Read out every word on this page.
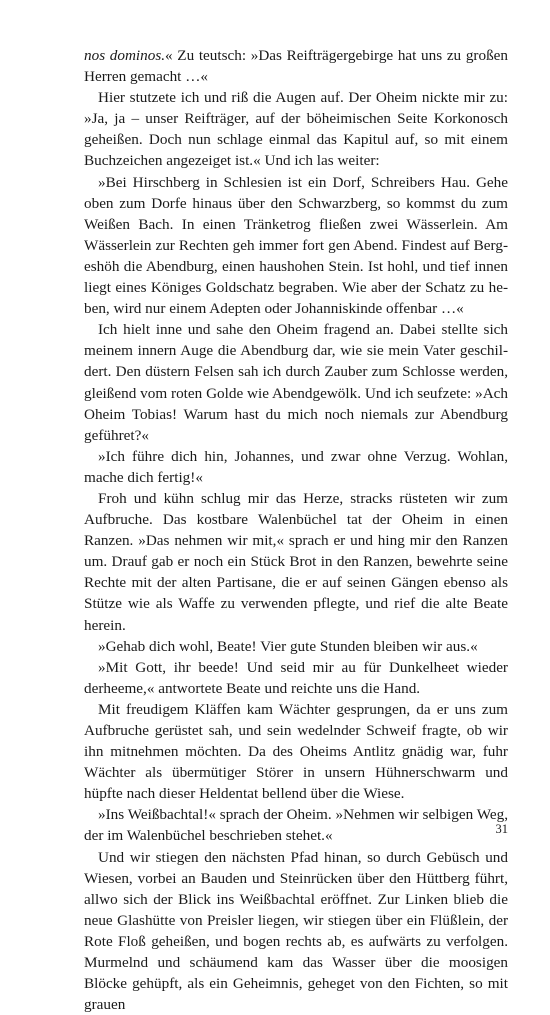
nos dominos.« Zu teutsch: »Das Reifträgergebirge hat uns zu großen Herren gemacht …«

Hier stutzete ich und riß die Augen auf. Der Oheim nickte mir zu: »Ja, ja – unser Reifträger, auf der böheimischen Seite Korkonosch geheißen. Doch nun schlage einmal das Kapitul auf, so mit einem Buchzeichen angezeiget ist.« Und ich las weiter:

»Bei Hirschberg in Schlesien ist ein Dorf, Schreibers Hau. Gehe oben zum Dorfe hinaus über den Schwarzberg, so kommst du zum Weißen Bach. In einen Tränketrog fließen zwei Wässerlein. Am Wässerlein zur Rechten geh immer fort gen Abend. Findest auf Bergeshöh die Abendburg, einen haushohen Stein. Ist hohl, und tief innen liegt eines Königes Goldschatz begraben. Wie aber der Schatz zu heben, wird nur einem Adepten oder Johanniskinde offenbar …«

Ich hielt inne und sahe den Oheim fragend an. Dabei stellte sich meinem innern Auge die Abendburg dar, wie sie mein Vater geschildert. Den düstern Felsen sah ich durch Zauber zum Schlosse werden, gleißend vom roten Golde wie Abendgewölk. Und ich seufzete: »Ach Oheim Tobias! Warum hast du mich noch niemals zur Abendburg geführet?«

»Ich führe dich hin, Johannes, und zwar ohne Verzug. Wohlan, mache dich fertig!«

Froh und kühn schlug mir das Herze, stracks rüsteten wir zum Aufbruche. Das kostbare Walenbüchel tat der Oheim in einen Ranzen. »Das nehmen wir mit,« sprach er und hing mir den Ranzen um. Drauf gab er noch ein Stück Brot in den Ranzen, bewehrte seine Rechte mit der alten Partisane, die er auf seinen Gängen ebenso als Stütze wie als Waffe zu verwenden pflegte, und rief die alte Beate herein.

»Gehab dich wohl, Beate! Vier gute Stunden bleiben wir aus.«

»Mit Gott, ihr beede! Und seid mir au für Dunkelheet wieder derheeme,« antwortete Beate und reichte uns die Hand.

Mit freudigem Kläffen kam Wächter gesprungen, da er uns zum Aufbruche gerüstet sah, und sein wedelnder Schweif fragte, ob wir ihn mitnehmen möchten. Da des Oheims Antlitz gnädig war, fuhr Wächter als übermütiger Störer in unsern Hühnerschwarm und hüpfte nach dieser Heldentat bellend über die Wiese.

»Ins Weißbachtal!« sprach der Oheim. »Nehmen wir selbigen Weg, der im Walenbüchel beschrieben stehet.«

Und wir stiegen den nächsten Pfad hinan, so durch Gebüsch und Wiesen, vorbei an Bauden und Steinrücken über den Hüttberg führt, allwo sich der Blick ins Weißbachtal eröffnet. Zur Linken blieb die neue Glashütte von Preisler liegen, wir stiegen über ein Flüßlein, der Rote Floß geheißen, und bogen rechts ab, es aufwärts zu verfolgen. Murmelnd und schäumend kam das Wasser über die moosigen Blöcke gehüpft, als ein Geheimnis, geheget von den Fichten, so mit grauen

31
